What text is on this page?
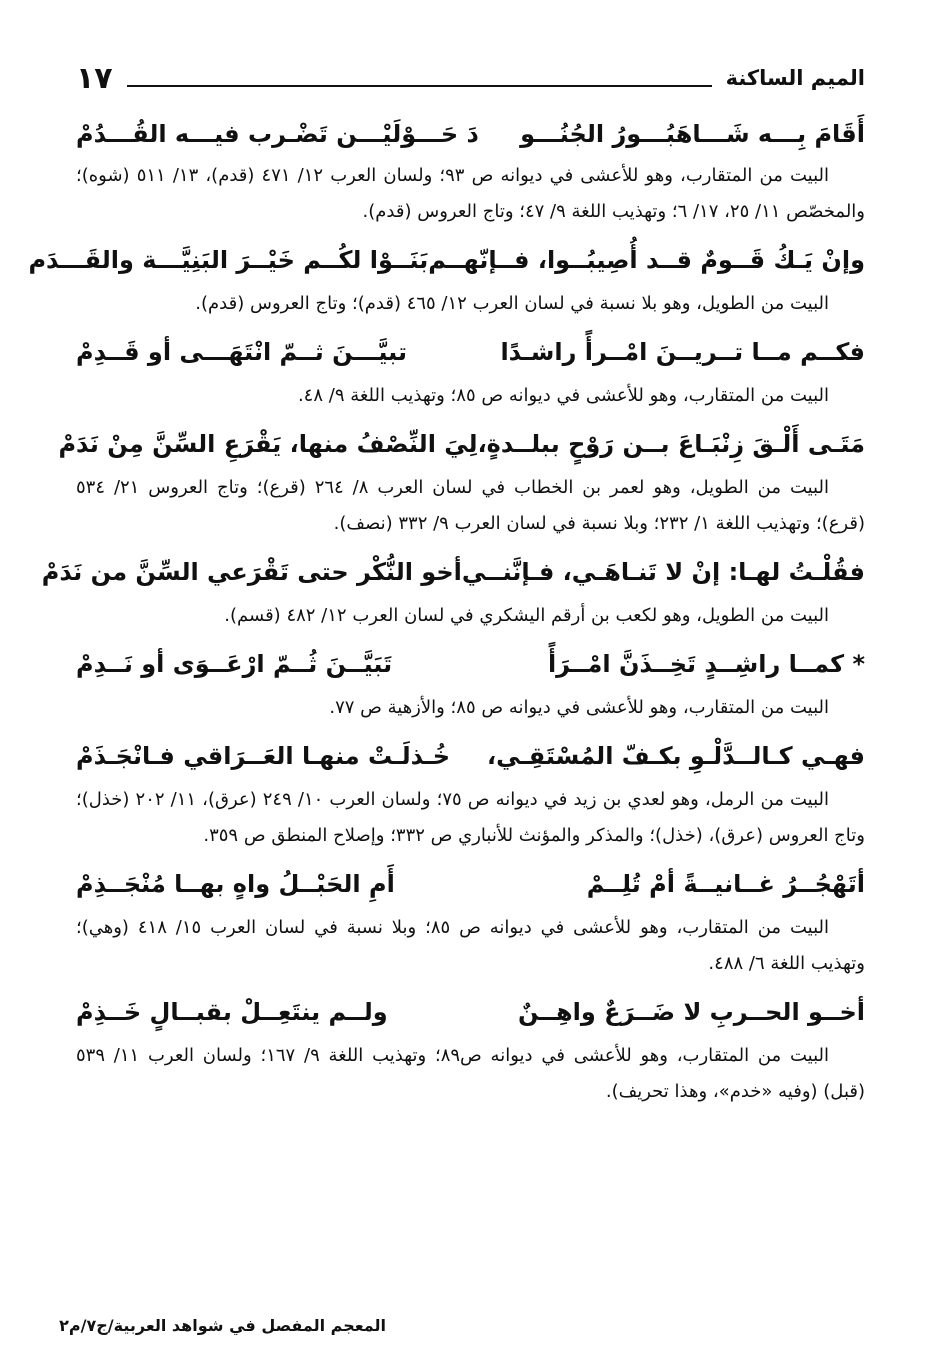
الميم الساكنة
١٧
أَقَامَ بِـــه شَـــاهَبُـــورُ الجُنُـــو
دَ حَـــوْلَيْـــن تَضْـرب فيـــه القُـــدُمْ

البيت من المتقارب، وهو للأعشى في ديوانه ص ٩٣؛ ولسان العرب ١٢/ ٤٧١ (قدم)، ١٣/ ٥١١ (شوه)؛ والمخصّص ١١/ ٢٥، ١٧/ ٦؛ وتهذيب اللغة ٩/ ٤٧؛ وتاج العروس (قدم).

وإنْ يَـكُ قَــومٌ قــد أُصِيبُــوا، فــإنّهــم
بَنَــوْا لكُــم خَيْــرَ البَنِيَّـــة والقَـــدَم

البيت من الطويل، وهو بلا نسبة في لسان العرب ١٢/ ٤٦٥ (قدم)؛ وتاج العروس (قدم).

فكــم مــا تــريــنَ امْــرأً راشـدًا
تبيَّـــنَ ثــمّ انْتَهَـــى أو قَــدِمْ

البيت من المتقارب، وهو للأعشى في ديوانه ص ٨٥؛ وتهذيب اللغة ٩/ ٤٨.

مَتَـى أَلْـقَ زِنْبَـاعَ بــن رَوْحٍ ببلــدةٍ،
لِيَ النِّصْفُ منها، يَقْرَعِ السِّنَّ مِنْ نَدَمْ

البيت من الطويل، وهو لعمر بن الخطاب في لسان العرب ٨/ ٢٦٤ (قرع)؛ وتاج العروس ٢١/ ٥٣٤ (قرع)؛ وتهذيب اللغة ١/ ٢٣٢؛ وبلا نسبة في لسان العرب ٩/ ٣٣٢ (نصف).

فقُلْـتُ لهـا: إنْ لا تَنـاهَـي، فـإنَّنــي
أخو النُّكْر حتى تَقْرَعي السِّنَّ من نَدَمْ

البيت من الطويل، وهو لكعب بن أرقم اليشكري في لسان العرب ١٢/ ٤٨٢ (قسم).

* كمــا راشِــدٍ تَخِــذَنَّ امْــرَأً
تَبَيَّــنَ ثُــمّ ارْعَــوَى أو نَــدِمْ

البيت من المتقارب، وهو للأعشى في ديوانه ص ٨٥؛ والأزهية ص ٧٧.

فهـي كـالــدَّلْـوِ بكـفّ المُسْتَقِـي،
خُـذلَـتْ منهـا العَــرَاقي فـانْجَـذَمْ

البيت من الرمل، وهو لعدي بن زيد في ديوانه ص ٧٥؛ ولسان العرب ١٠/ ٢٤٩ (عرق)، ١١/ ٢٠٢ (خذل)؛ وتاج العروس (عرق)، (خذل)؛ والمذكر والمؤنث للأنباري ص ٣٣٢؛ وإصلاح المنطق ص ٣٥٩.

أتَهْجُــرُ غــانيــةً أمْ تُلِــمْ
أَمِ الحَبْــلُ واهٍ بهــا مُنْجَــذِمْ

البيت من المتقارب، وهو للأعشى في ديوانه ص ٨٥؛ وبلا نسبة في لسان العرب ١٥/ ٤١٨ (وهي)؛ وتهذيب اللغة ٦/ ٤٨٨.

أخــو الحــربِ لا ضَــرَعٌ واهِــنٌ
ولــم ينتَعِــلْ بقبــالٍ خَــذِمْ

البيت من المتقارب، وهو للأعشى في ديوانه ص٨٩؛ وتهذيب اللغة ٩/ ١٦٧؛ ولسان العرب ١١/ ٥٣٩ (قبل) (وفيه «خدم»، وهذا تحريف).

المعجم المفصل في شواهد العربية/ج٧/م٢
